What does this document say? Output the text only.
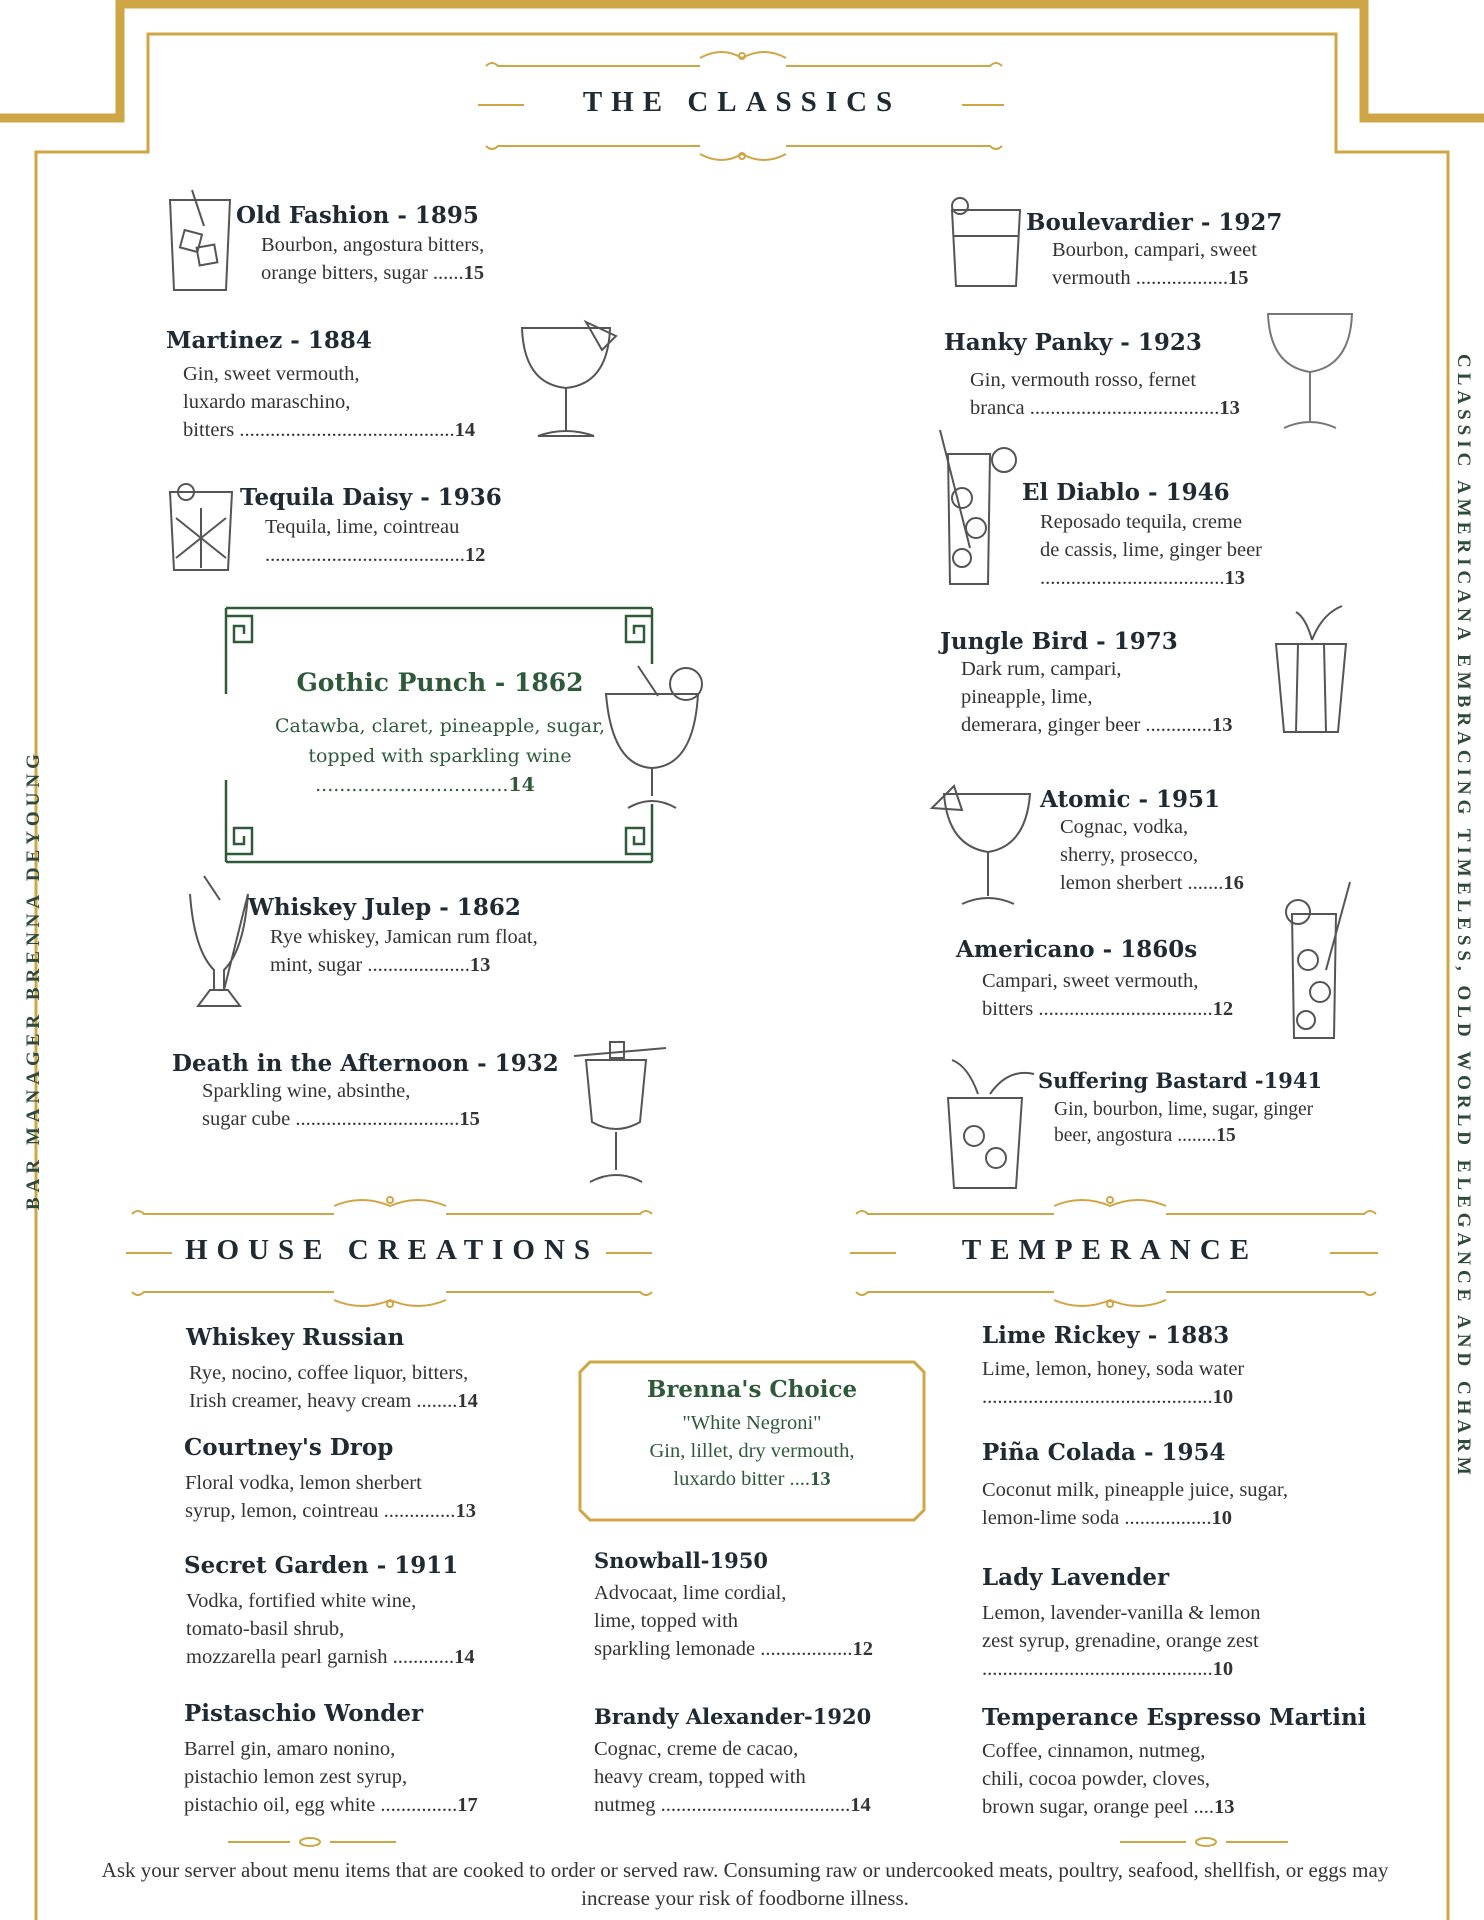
THE CLASSICS
HOUSE CREATIONS	TEMPERANCE
BAR MANAGER BRENNA DEYOUNG	CLASSIC AMERICANA EMBRACING TIMELESS, OLD WORLD ELEGANCE AND CHARM
Old Fashion - 1895
Bourbon, angostura bitters,
orange bitters, sugar ......15
Martinez - 1884
Gin, sweet vermouth,
luxardo maraschino,
bitters ..........................................14
Tequila Daisy - 1936
Tequila, lime, cointreau
.......................................12
Whiskey Julep - 1862
Rye whiskey, Jamican rum float,
mint, sugar ....................13
Death in the Afternoon - 1932
Sparkling wine, absinthe,
sugar cube ................................15
Gothic Punch - 1862
Catawba, claret, pineapple, sugar,
topped with sparkling wine
................................14
Boulevardier - 1927
Bourbon, campari, sweet
vermouth ..................15
Hanky Panky - 1923
Gin, vermouth rosso, fernet
branca .....................................13
El Diablo - 1946
Reposado tequila, creme
de cassis, lime, ginger beer
....................................13
Jungle Bird - 1973
Dark rum, campari,
pineapple, lime,
demerara, ginger beer .............13
Atomic - 1951
Cognac, vodka,
sherry, prosecco,
lemon sherbert .......16
Americano - 1860s
Campari, sweet vermouth,
bitters ..................................12
Suffering Bastard -1941
Gin, bourbon, lime, sugar, ginger
beer, angostura ........15
Whiskey Russian
Rye, nocino, coffee liquor, bitters,
Irish creamer, heavy cream ........14
Courtney's Drop
Floral vodka, lemon sherbert
syrup, lemon, cointreau ..............13
Secret Garden - 1911
Vodka, fortified white wine,
tomato-basil shrub,
mozzarella pearl garnish ............14
Pistaschio Wonder
Barrel gin, amaro nonino,
pistachio lemon zest syrup,
pistachio oil, egg white ...............17
Brenna's Choice
"White Negroni"
Gin, lillet, dry vermouth,
luxardo bitter ....13
Snowball-1950
Advocaat, lime cordial,
lime, topped with
sparkling lemonade ..................12
Brandy Alexander-1920
Cognac, creme de cacao,
heavy cream, topped with
nutmeg .....................................14
Lime Rickey - 1883
Lime, lemon, honey, soda water
.............................................10
Piña Colada - 1954
Coconut milk, pineapple juice, sugar,
lemon-lime soda .................10
Lady Lavender
Lemon, lavender-vanilla & lemon
zest syrup, grenadine, orange zest
.............................................10
Temperance Espresso Martini
Coffee, cinnamon, nutmeg,
chili, cocoa powder, cloves,
brown sugar, orange peel ....13
Ask your server about menu items that are cooked to order or served raw. Consuming raw or undercooked meats, poultry, seafood, shellfish, or eggs may increase your risk of foodborne illness.
